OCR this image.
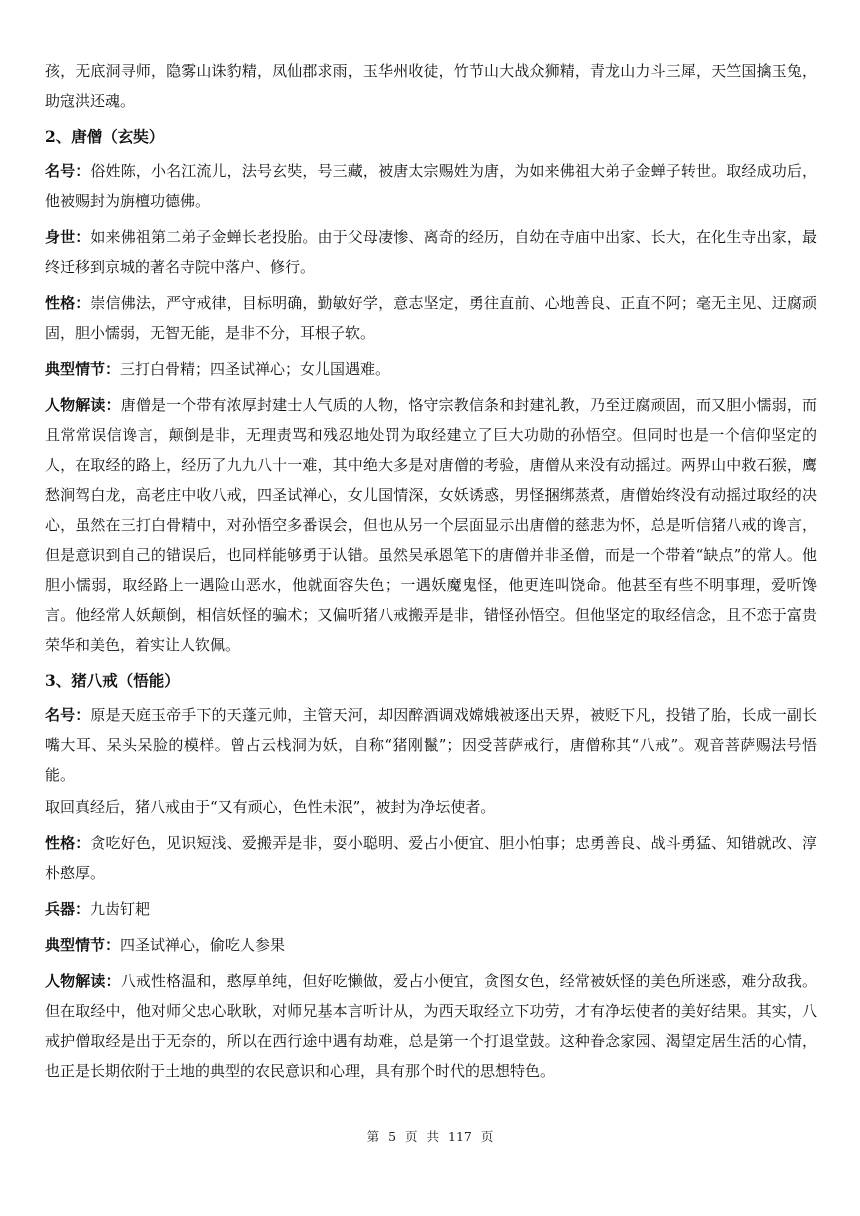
孩，无底洞寻师，隐雾山诛豹精，凤仙郡求雨，玉华州收徒，竹节山大战众狮精，青龙山力斗三犀，天竺国擒玉兔，助寇洪还魂。

2、唐僧（玄奘）

名号：俗姓陈，小名江流儿，法号玄奘，号三藏，被唐太宗赐姓为唐，为如来佛祖大弟子金蝉子转世。取经成功后，他被赐封为旃檀功德佛。

身世：如来佛祖第二弟子金蝉长老投胎。由于父母凄惨、离奇的经历，自幼在寺庙中出家、长大，在化生寺出家，最终迁移到京城的著名寺院中落户、修行。

性格：崇信佛法，严守戒律，目标明确，勤敏好学，意志坚定，勇往直前、心地善良、正直不阿；毫无主见、迂腐顽固，胆小懦弱，无智无能，是非不分，耳根子软。

典型情节：三打白骨精；四圣试禅心；女儿国遇难。

人物解读：唐僧是一个带有浓厚封建士人气质的人物，恪守宗教信条和封建礼教，乃至迂腐顽固，而又胆小懦弱，而且常常误信谗言，颠倒是非，无理责骂和残忍地处罚为取经建立了巨大功勋的孙悟空。但同时也是一个信仰坚定的人，在取经的路上，经历了九九八十一难，其中绝大多是对唐僧的考验，唐僧从来没有动摇过。两界山中救石猴，鹰愁涧驾白龙，高老庄中收八戒，四圣试禅心，女儿国情深，女妖诱惑，男怪捆绑蒸煮，唐僧始终没有动摇过取经的决心，虽然在三打白骨精中，对孙悟空多番误会，但也从另一个层面显示出唐僧的慈悲为怀，总是听信猪八戒的谗言，但是意识到自己的错误后，也同样能够勇于认错。虽然吴承恩笔下的唐僧并非圣僧，而是一个带着“缺点”的常人。他胆小懦弱，取经路上一遇险山恶水，他就面容失色；一遇妖魔鬼怪，他更连叫饶命。他甚至有些不明事理，爱听馋言。他经常人妖颠倒，相信妖怪的骗术；又偏听猪八戒搬弄是非，错怪孙悟空。但他坚定的取经信念，且不恋于富贵荣华和美色，着实让人钦佩。

3、猪八戒（悟能）

名号：原是天庭玉帝手下的天蓬元帅，主管天河，却因醉酒调戏嫦娥被逐出天界，被贬下凡，投错了胎，长成一副长嘴大耳、呆头呆脸的模样。曾占云栈洞为妖，自称“猪刚鬣”；因受菩萨戒行，唐僧称其“八戒”。观音菩萨赐法号悟能。

取回真经后，猪八戒由于“又有顽心，色性未泯”，被封为净坛使者。

性格：贪吃好色，见识短浅、爱搬弄是非，耍小聪明、爱占小便宜、胆小怕事；忠勇善良、战斗勇猛、知错就改、淳朴憨厚。

兵器：九齿钉耙

典型情节：四圣试禅心，偷吃人参果

人物解读：八戒性格温和，憨厚单纯，但好吃懒做，爱占小便宜，贪图女色，经常被妖怪的美色所迷惑，难分敌我。但在取经中，他对师父忠心耿耿，对师兄基本言听计从，为西天取经立下功劳，才有净坛使者的美好结果。其实，八戒护僧取经是出于无奈的，所以在西行途中遇有劫难，总是第一个打退堂鼓。这种眷念家园、渴望定居生活的心情，也正是长期依附于土地的典型的农民意识和心理，具有那个时代的思想特色。

第 5 页 共 117 页
